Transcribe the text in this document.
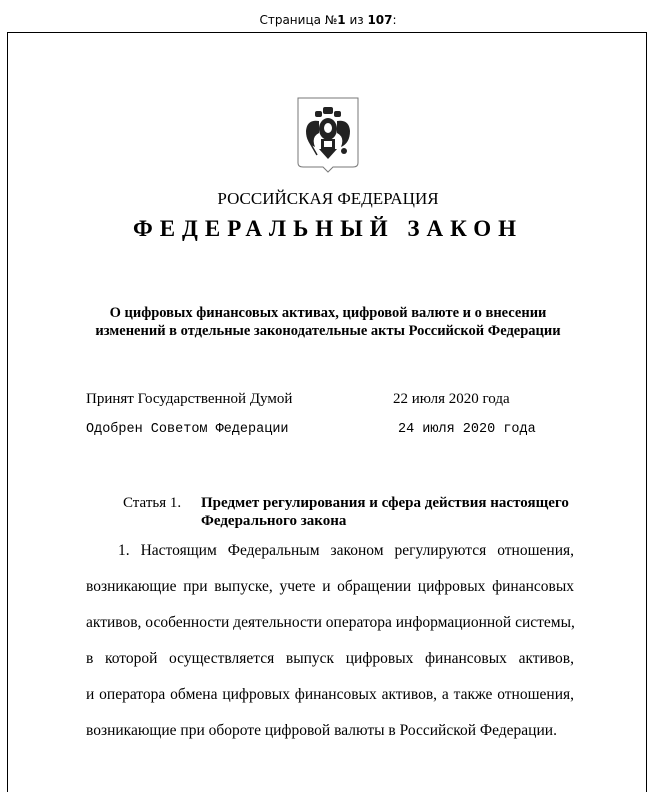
Страница №1 из 107:
РОССИЙСКАЯ ФЕДЕРАЦИЯ
ФЕДЕРАЛЬНЫЙ ЗАКОН
О цифровых финансовых активах, цифровой валюте и о внесении
изменений в отдельные законодательные акты Российской Федерации
Принят Государственной Думой	22 июля 2020 года
Одобрен Советом Федерации	24 июля 2020 года
Статья 1. Предмет регулирования и сфера действия настоящего
Федерального закона
1. Настоящим Федеральным законом регулируются отношения,
возникающие при выпуске, учете и обращении цифровых финансовых
активов, особенности деятельности оператора информационной системы,
в которой осуществляется выпуск цифровых финансовых активов,
и оператора обмена цифровых финансовых активов, а также отношения,
возникающие при обороте цифровой валюты в Российской Федерации.
